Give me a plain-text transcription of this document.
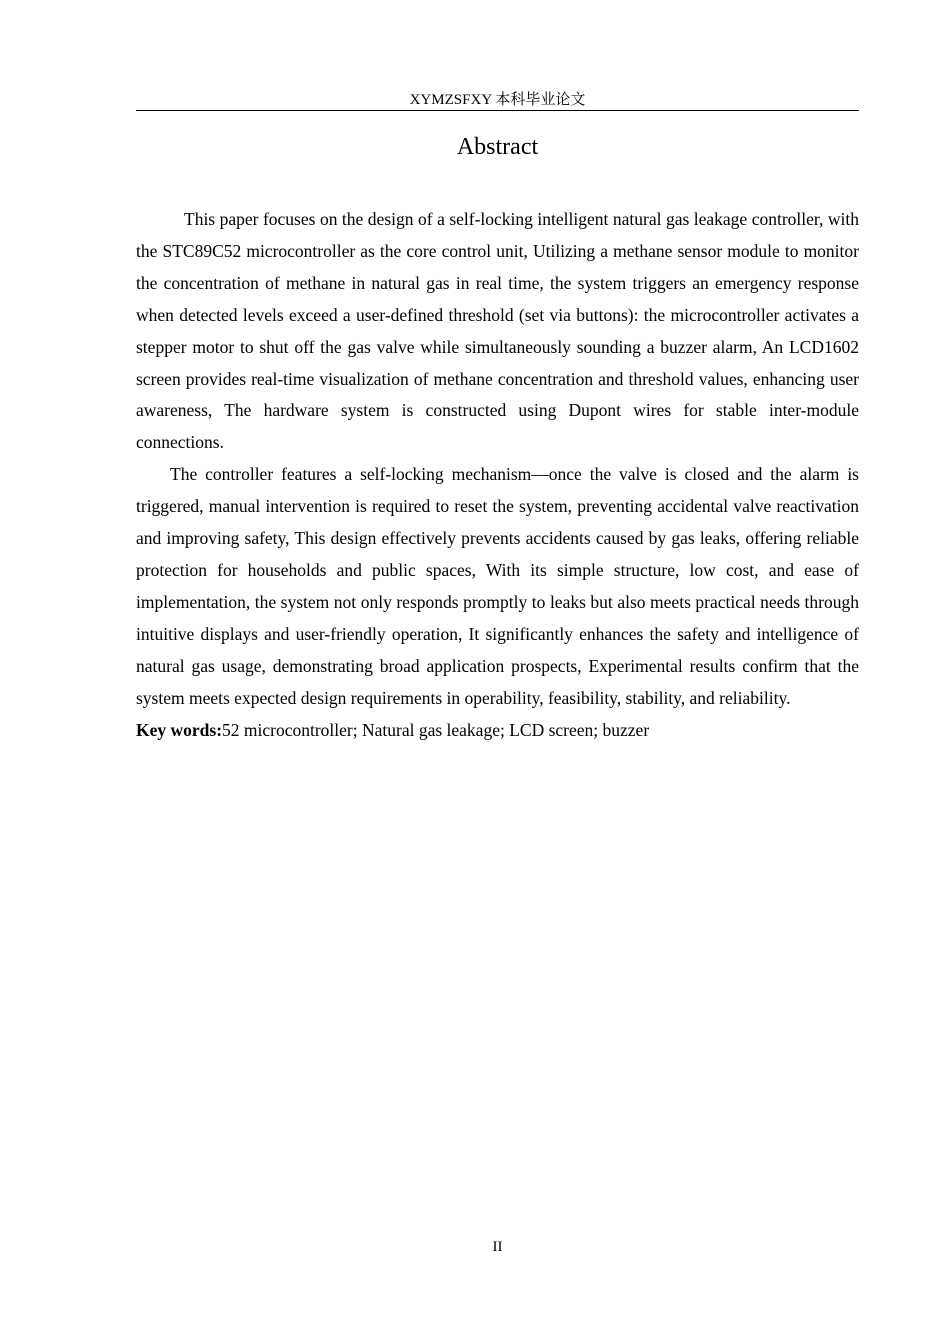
XYMZSFXY 本科毕业论文
Abstract

This paper focuses on the design of a self-locking intelligent natural gas leakage controller, with the STC89C52 microcontroller as the core control unit, Utilizing a methane sensor module to monitor the concentration of methane in natural gas in real time, the system triggers an emergency response when detected levels exceed a user-defined threshold (set via buttons): the microcontroller activates a stepper motor to shut off the gas valve while simultaneously sounding a buzzer alarm, An LCD1602 screen provides real-time visualization of methane concentration and threshold values, enhancing user awareness, The hardware system is constructed using Dupont wires for stable inter-module connections.

The controller features a self-locking mechanism—once the valve is closed and the alarm is triggered, manual intervention is required to reset the system, preventing accidental valve reactivation and improving safety, This design effectively prevents accidents caused by gas leaks, offering reliable protection for households and public spaces, With its simple structure, low cost, and ease of implementation, the system not only responds promptly to leaks but also meets practical needs through intuitive displays and user-friendly operation, It significantly enhances the safety and intelligence of natural gas usage, demonstrating broad application prospects, Experimental results confirm that the system meets expected design requirements in operability, feasibility, stability, and reliability.

Key words:52 microcontroller; Natural gas leakage; LCD screen; buzzer

II
